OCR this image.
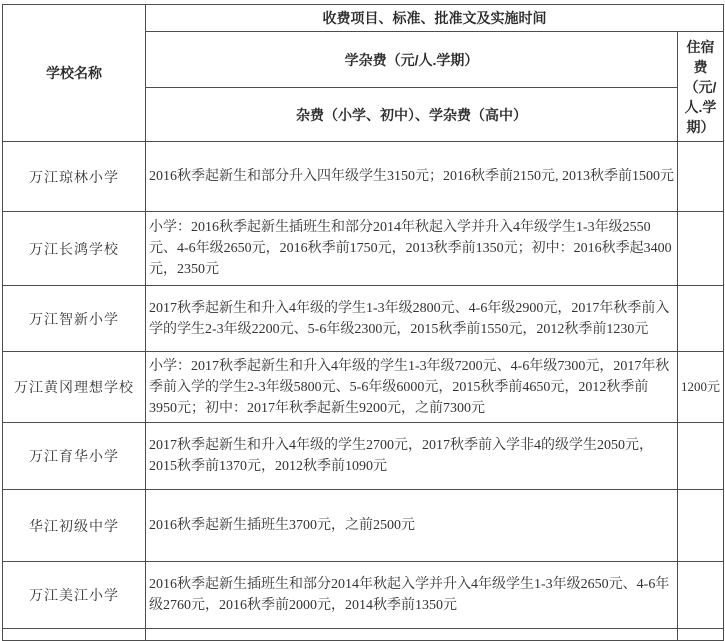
学校名称	收费项目、标准、批准文及实施时间	
	学杂费（元/人.学期）	住宿费（元/人.学期）
	杂费（小学、初中）、学杂费（高中）	
万江琼林小学	2016秋季起新生和部分升入四年级学生3150元；2016秋季前2150元, 2013秋季前1500元	
万江长鸿学校	小学：2016秋季起新生插班生和部分2014年秋起入学并升入4年级学生1-3年级2550元、4-6年级2650元，2016秋季前1750元，2013秋季前1350元；初中：2016秋季起3400元，2350元	
万江智新小学	2017秋季起新生和升入4年级的学生1-3年级2800元、4-6年级2900元，2017年秋季前入学的学生2-3年级2200元、5-6年级2300元，2015秋季前1550元，2012秋季前1230元	
万江黄冈理想学校	小学：2017秋季起新生和升入4年级的学生1-3年级7200元、4-6年级7300元，2017年秋季前入学的学生2-3年级5800元、5-6年级6000元，2015秋季前4650元，2012秋季前3950元；初中：2017年秋季起新生9200元，之前7300元	1200元
万江育华小学	2017秋季起新生和升入4年级的学生2700元，2017秋季前入学非4的级学生2050元，2015秋季前1370元，2012秋季前1090元	
华江初级中学	2016秋季起新生插班生3700元，之前2500元	
万江美江小学	2016秋季起新生插班生和部分2014年秋起入学并升入4年级学生1-3年级2650元、4-6年级2760元，2016秋季前2000元，2014秋季前1350元	
